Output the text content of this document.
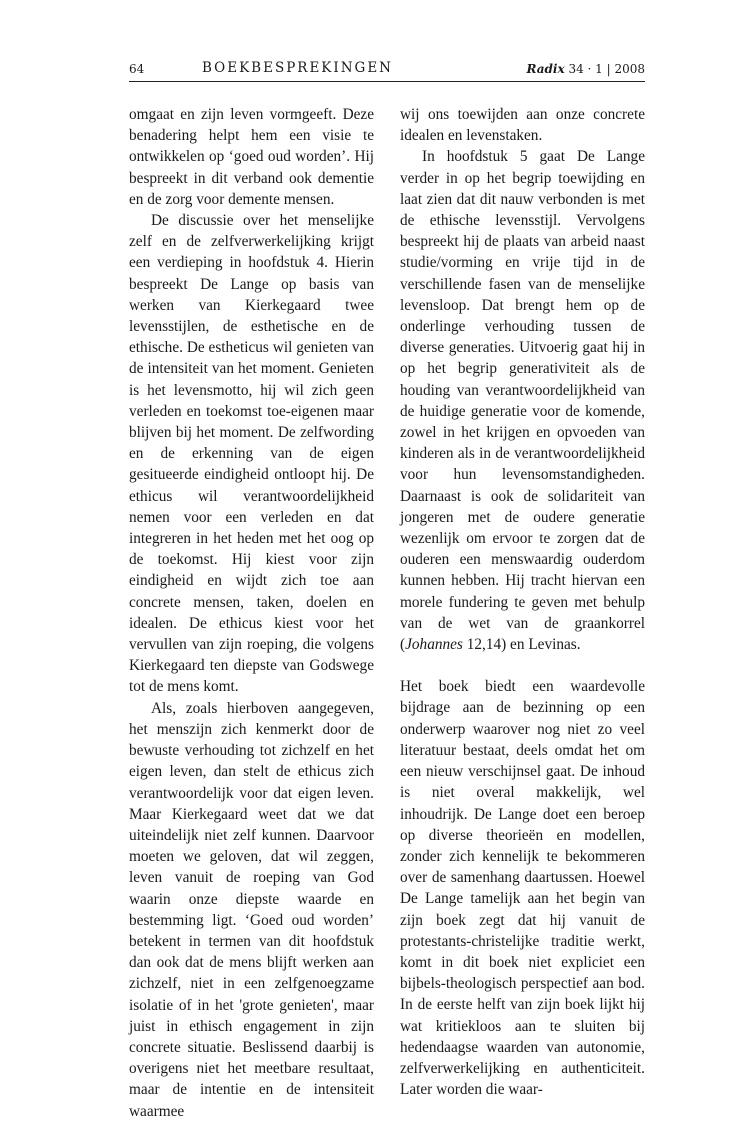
64	BOEKBESPREKINGEN	Radix 34 · 1 | 2008

omgaat en zijn leven vormgeeft. Deze benadering helpt hem een visie te ontwikkelen op ‘goed oud worden’. Hij bespreekt in dit verband ook dementie en de zorg voor demente mensen.

De discussie over het menselijke zelf en de zelfverwerkelijking krijgt een verdieping in hoofdstuk 4. Hierin bespreekt De Lange op basis van werken van Kierkegaard twee levensstijlen, de esthetische en de ethische. De estheticus wil genieten van de intensiteit van het moment. Genieten is het levensmotto, hij wil zich geen verleden en toekomst toe-eigenen maar blijven bij het moment. De zelfwording en de erkenning van de eigen gesitueerde eindigheid ontloopt hij. De ethicus wil verantwoordelijkheid nemen voor een verleden en dat integreren in het heden met het oog op de toekomst. Hij kiest voor zijn eindigheid en wijdt zich toe aan concrete mensen, taken, doelen en idealen. De ethicus kiest voor het vervullen van zijn roeping, die volgens Kierkegaard ten diepste van Godswege tot de mens komt.

Als, zoals hierboven aangegeven, het menszijn zich kenmerkt door de bewuste verhouding tot zichzelf en het eigen leven, dan stelt de ethicus zich verantwoordelijk voor dat eigen leven. Maar Kierkegaard weet dat we dat uiteindelijk niet zelf kunnen. Daarvoor moeten we geloven, dat wil zeggen, leven vanuit de roeping van God waarin onze diepste waarde en bestemming ligt. ‘Goed oud worden’ betekent in termen van dit hoofdstuk dan ook dat de mens blijft werken aan zichzelf, niet in een zelfgenoegzame isolatie of in het 'grote genieten', maar juist in ethisch engagement in zijn concrete situatie. Beslissend daarbij is overigens niet het meetbare resultaat, maar de intentie en de intensiteit waarmee

wij ons toewijden aan onze concrete idealen en levenstaken.

In hoofdstuk 5 gaat De Lange verder in op het begrip toewijding en laat zien dat dit nauw verbonden is met de ethische levensstijl. Vervolgens bespreekt hij de plaats van arbeid naast studie/vorming en vrije tijd in de verschillende fasen van de menselijke levensloop. Dat brengt hem op de onderlinge verhouding tussen de diverse generaties. Uitvoerig gaat hij in op het begrip generativiteit als de houding van verantwoordelijkheid van de huidige generatie voor de komende, zowel in het krijgen en opvoeden van kinderen als in de verantwoordelijkheid voor hun levensomstandigheden. Daarnaast is ook de solidariteit van jongeren met de oudere generatie wezenlijk om ervoor te zorgen dat de ouderen een menswaardig ouderdom kunnen hebben. Hij tracht hiervan een morele fundering te geven met behulp van de wet van de graankorrel (Johannes 12,14) en Levinas.

Het boek biedt een waardevolle bijdrage aan de bezinning op een onderwerp waarover nog niet zo veel literatuur bestaat, deels omdat het om een nieuw verschijnsel gaat. De inhoud is niet overal makkelijk, wel inhoudrijk. De Lange doet een beroep op diverse theorieën en modellen, zonder zich kennelijk te bekommeren over de samenhang daartussen. Hoewel De Lange tamelijk aan het begin van zijn boek zegt dat hij vanuit de protestants-christelijke traditie werkt, komt in dit boek niet expliciet een bijbels-theologisch perspectief aan bod. In de eerste helft van zijn boek lijkt hij wat kritiekloos aan te sluiten bij hedendaagse waarden van autonomie, zelfverwerkelijking en authenticiteit. Later worden die waar-
